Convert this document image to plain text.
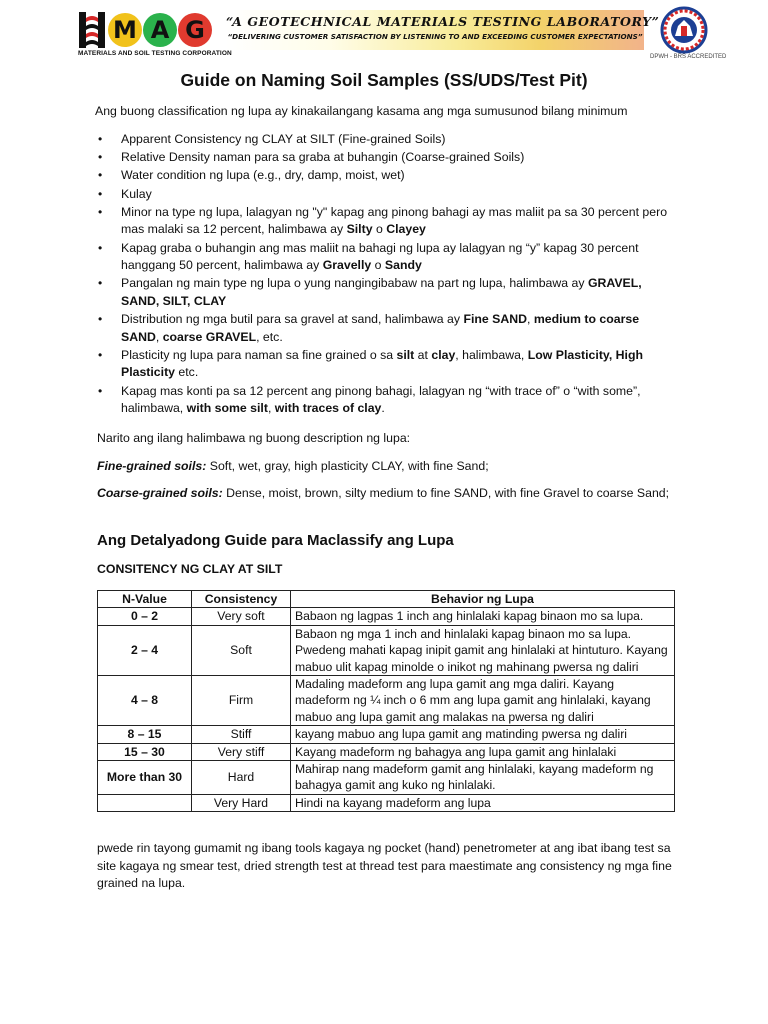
M A G
MATERIALS AND SOIL TESTING CORPORATION
“A GEOTECHNICAL MATERIALS TESTING LABORATORY”
“DELIVERING CUSTOMER SATISFACTION BY LISTENING TO AND EXCEEDING CUSTOMER EXPECTATIONS”
DPWH - BRS ACCREDITED
Guide on Naming Soil Samples (SS/UDS/Test Pit)
Ang buong classification ng lupa ay kinakailangang kasama ang mga sumusunod bilang minimum
• Apparent Consistency ng CLAY at SILT (Fine-grained Soils)
• Relative Density naman para sa graba at buhangin (Coarse-grained Soils)
• Water condition ng lupa (e.g., dry, damp, moist, wet)
• Kulay
• Minor na type ng lupa, lalagyan ng "y" kapag ang pinong bahagi ay mas maliit pa sa 30 percent pero mas malaki sa 12 percent, halimbawa ay Silty o Clayey
• Kapag graba o buhangin ang mas maliit na bahagi ng lupa ay lalagyan ng “y” kapag 30 percent hanggang 50 percent, halimbawa ay Gravelly o Sandy
• Pangalan ng main type ng lupa o yung nangingibabaw na part ng lupa, halimbawa ay GRAVEL, SAND, SILT, CLAY
• Distribution ng mga butil para sa gravel at sand, halimbawa ay Fine SAND, medium to coarse SAND, coarse GRAVEL, etc.
• Plasticity ng lupa para naman sa fine grained o sa silt at clay, halimbawa, Low Plasticity, High Plasticity etc.
• Kapag mas konti pa sa 12 percent ang pinong bahagi, lalagyan ng “with trace of” o “with some”, halimbawa, with some silt, with traces of clay.
Narito ang ilang halimbawa ng buong description ng lupa:
Fine-grained soils: Soft, wet, gray, high plasticity CLAY, with fine Sand;
Coarse-grained soils: Dense, moist, brown, silty medium to fine SAND, with fine Gravel to coarse Sand;
Ang Detalyadong Guide para Maclassify ang Lupa
CONSITENCY NG CLAY AT SILT
N-Value	Consistency	Behavior ng Lupa
0 – 2	Very soft	Babaon ng lagpas 1 inch ang hinlalaki kapag binaon mo sa lupa.
2 – 4	Soft	Babaon ng mga 1 inch and hinlalaki kapag binaon mo sa lupa. Pwedeng mahati kapag inipit gamit ang hinlalaki at hintuturo. Kayang mabuo ulit kapag minolde o inikot ng mahinang pwersa ng daliri
4 – 8	Firm	Madaling madeform ang lupa gamit ang mga daliri. Kayang madeform ng ¼ inch o 6 mm ang lupa gamit ang hinlalaki, kayang mabuo ang lupa gamit ang malakas na pwersa ng daliri
8 – 15	Stiff	kayang mabuo ang lupa gamit ang matinding pwersa ng daliri
15 – 30	Very stiff	Kayang madeform ng bahagya ang lupa gamit ang hinlalaki
More than 30	Hard	Mahirap nang madeform gamit ang hinlalaki, kayang madeform ng bahagya gamit ang kuko ng hinlalaki.
	Very Hard	Hindi na kayang madeform ang lupa
pwede rin tayong gumamit ng ibang tools kagaya ng pocket (hand) penetrometer at ang ibat ibang test sa site kagaya ng smear test, dried strength test at thread test para maestimate ang consistency ng mga fine grained na lupa.
